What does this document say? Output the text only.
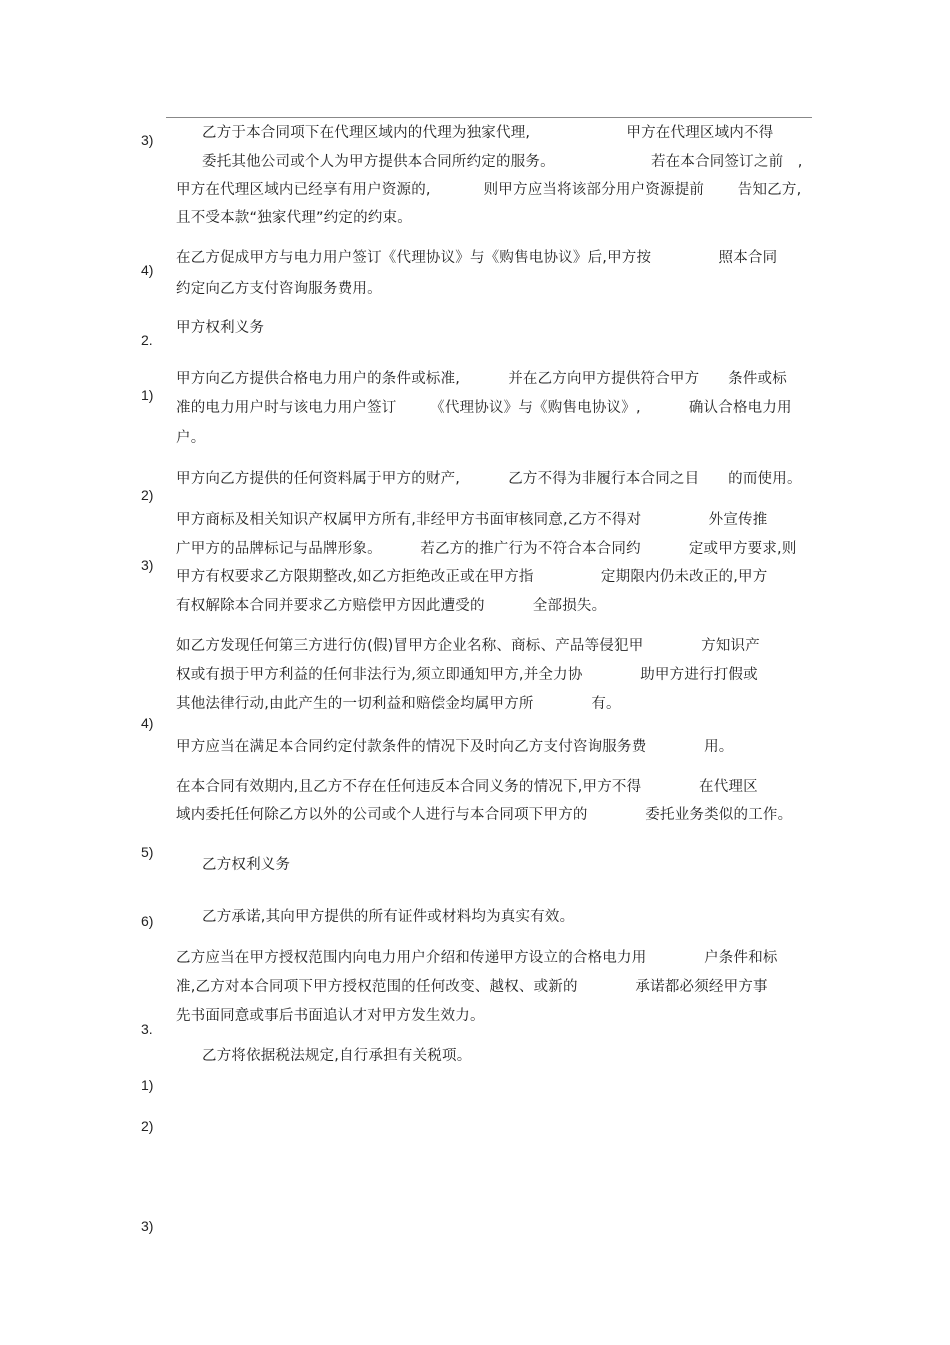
3)
4)
2.
1)
2)
3)
4)
5)
6)
3.
1)
2)
3)
乙方于本合同项下在代理区域内的代理为独家代理,                    甲方在代理区域内不得
委托其他公司或个人为甲方提供本合同所约定的服务。                    若在本合同签订之前   ,
甲方在代理区域内已经享有用户资源的,           则甲方应当将该部分用户资源提前       告知乙方,
且不受本款“独家代理”约定的约束。
在乙方促成甲方与电力用户签订《代理协议》与《购售电协议》后,甲方按              照本合同
约定向乙方支付咨询服务费用。
甲方权利义务
甲方向乙方提供合格电力用户的条件或标准,          并在乙方向甲方提供符合甲方      条件或标
准的电力用户时与该电力用户签订       《代理协议》与《购售电协议》,          确认合格电力用
户。
甲方向乙方提供的任何资料属于甲方的财产,          乙方不得为非履行本合同之目      的而使用。
甲方商标及相关知识产权属甲方所有,非经甲方书面审核同意,乙方不得对              外宣传推
广甲方的品牌标记与品牌形象。        若乙方的推广行为不符合本合同约          定或甲方要求,则
甲方有权要求乙方限期整改,如乙方拒绝改正或在甲方指              定期限内仍未改正的,甲方
有权解除本合同并要求乙方赔偿甲方因此遭受的          全部损失。
如乙方发现任何第三方进行仿(假)冒甲方企业名称、商标、产品等侵犯甲            方知识产
权或有损于甲方利益的任何非法行为,须立即通知甲方,并全力协            助甲方进行打假或
其他法律行动,由此产生的一切利益和赔偿金均属甲方所            有。
甲方应当在满足本合同约定付款条件的情况下及时向乙方支付咨询服务费            用。
在本合同有效期内,且乙方不存在任何违反本合同义务的情况下,甲方不得            在代理区
域内委托任何除乙方以外的公司或个人进行与本合同项下甲方的            委托业务类似的工作。
乙方权利义务
乙方承诺,其向甲方提供的所有证件或材料均为真实有效。
乙方应当在甲方授权范围内向电力用户介绍和传递甲方设立的合格电力用            户条件和标
准,乙方对本合同项下甲方授权范围的任何改变、越权、或新的            承诺都必须经甲方事
先书面同意或事后书面追认才对甲方发生效力。
乙方将依据税法规定,自行承担有关税项。
